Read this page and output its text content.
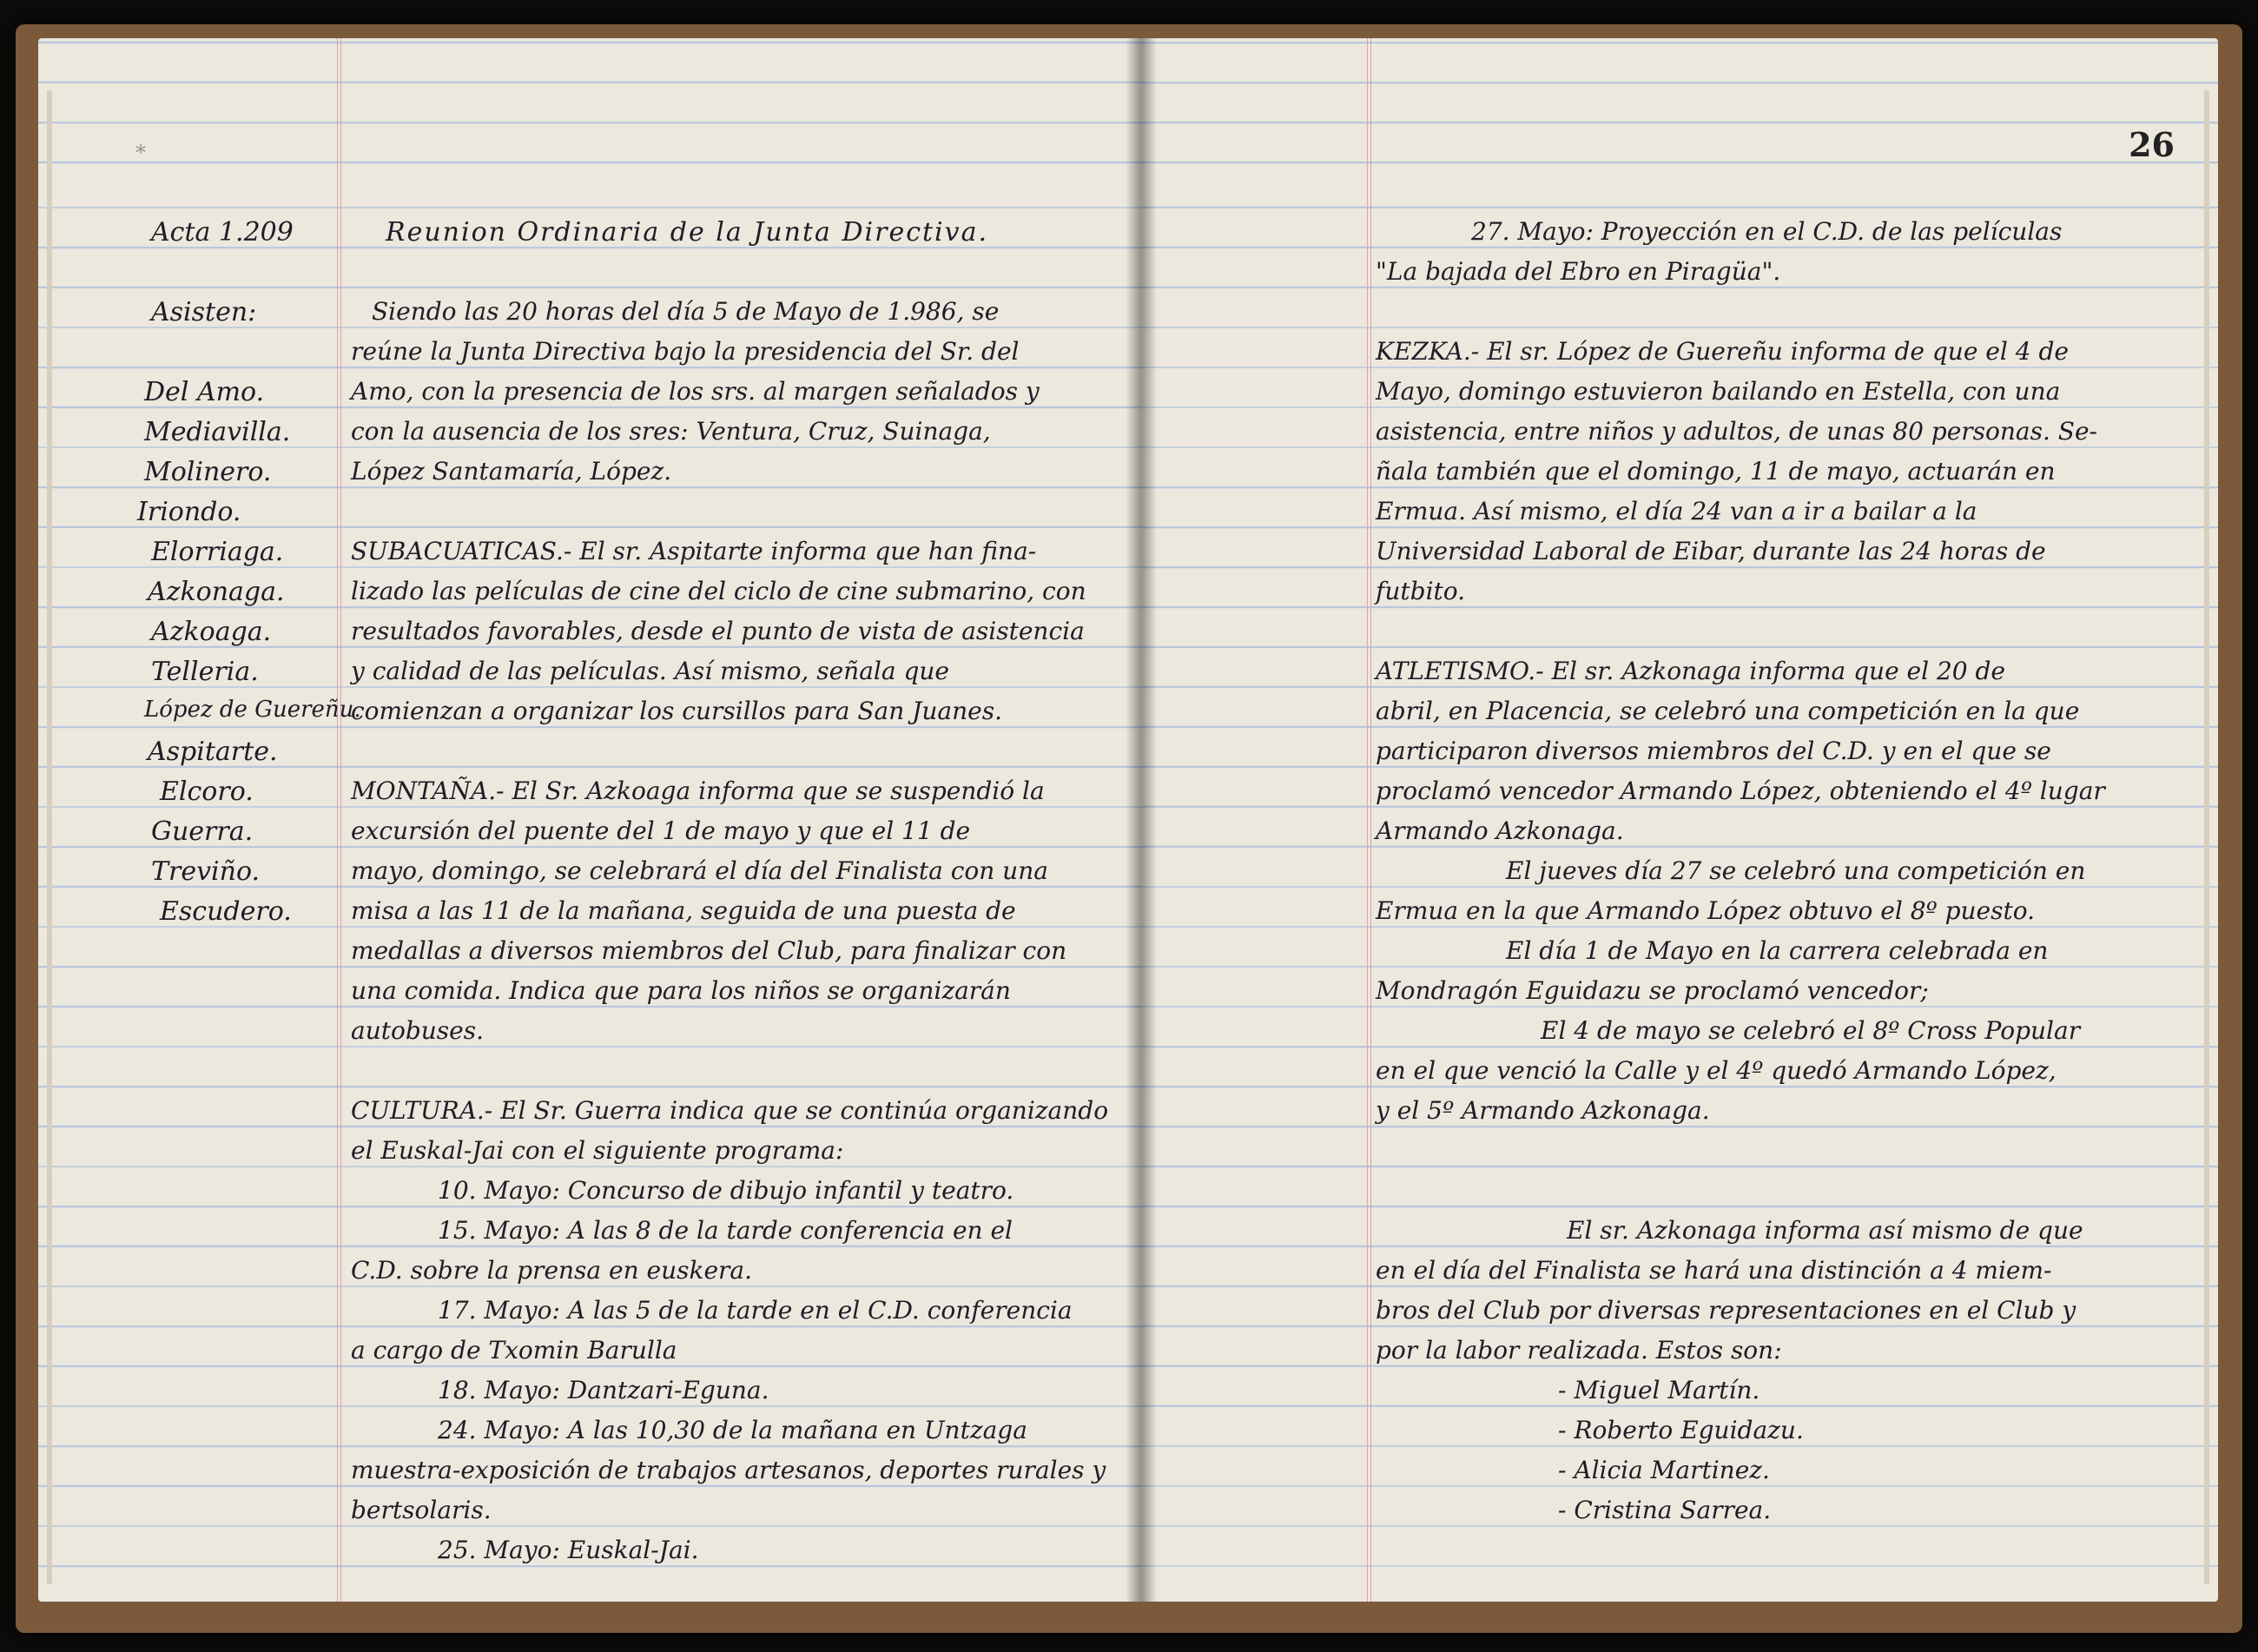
*

Acta 1.209	Reunion Ordinaria de la Junta Directiva.

Asisten:

Del Amo.

Mediavilla.

Molinero.

Iriondo.

Elorriaga.

Azkonaga.

Azkoaga.

Telleria.

López de Guereñu.

Aspitarte.

Elcoro.

Guerra.

Treviño.

Escudero.

Siendo las 20 horas del día 5 de Mayo de 1.986, se

reúne la Junta Directiva bajo la presidencia del Sr. del

Amo, con la presencia de los srs. al margen señalados y

con la ausencia de los sres: Ventura, Cruz, Suinaga,

López Santamaría, López.

SUBACUATICAS.- El sr. Aspitarte informa que han fina-

lizado las películas de cine del ciclo de cine submarino, con

resultados favorables, desde el punto de vista de asistencia

y calidad de las películas. Así mismo, señala que

comienzan a organizar los cursillos para San Juanes.

MONTAÑA.- El Sr. Azkoaga informa que se suspendió la

excursión del puente del 1 de mayo y que el 11 de

mayo, domingo, se celebrará el día del Finalista con una

misa a las 11 de la mañana, seguida de una puesta de

medallas a diversos miembros del Club, para finalizar con

una comida. Indica que para los niños se organizarán

autobuses.

CULTURA.- El Sr. Guerra indica que se continúa organizando

el Euskal-Jai con el siguiente programa:

10. Mayo: Concurso de dibujo infantil y teatro.

15. Mayo: A las 8 de la tarde conferencia en el

C.D. sobre la prensa en euskera.

17. Mayo: A las 5 de la tarde en el C.D. conferencia

a cargo de Txomin Barulla

18. Mayo: Dantzari-Eguna.

24. Mayo: A las 10,30 de la mañana en Untzaga

muestra-exposición de trabajos artesanos, deportes rurales y

bertsolaris.

25. Mayo: Euskal-Jai.

26

27. Mayo: Proyección en el C.D. de las películas

"La bajada del Ebro en Piragüa".

KEZKA.- El sr. López de Guereñu informa de que el 4 de

Mayo, domingo estuvieron bailando en Estella, con una

asistencia, entre niños y adultos, de unas 80 personas. Se-

ñala también que el domingo, 11 de mayo, actuarán en

Ermua. Así mismo, el día 24 van a ir a bailar a la

Universidad Laboral de Eibar, durante las 24 horas de

futbito.

ATLETISMO.- El sr. Azkonaga informa que el 20 de

abril, en Placencia, se celebró una competición en la que

participaron diversos miembros del C.D. y en el que se

proclamó vencedor Armando López, obteniendo el 4º lugar

Armando Azkonaga.

El jueves día 27 se celebró una competición en

Ermua en la que Armando López obtuvo el 8º puesto.

El día 1 de Mayo en la carrera celebrada en

Mondragón Eguidazu se proclamó vencedor;

El 4 de mayo se celebró el 8º Cross Popular

en el que venció la Calle y el 4º quedó Armando López,

y el 5º Armando Azkonaga.

El sr. Azkonaga informa así mismo de que

en el día del Finalista se hará una distinción a 4 miem-

bros del Club por diversas representaciones en el Club y

por la labor realizada. Estos son:

- Miguel Martín.

- Roberto Eguidazu.

- Alicia Martinez.

- Cristina Sarrea.
